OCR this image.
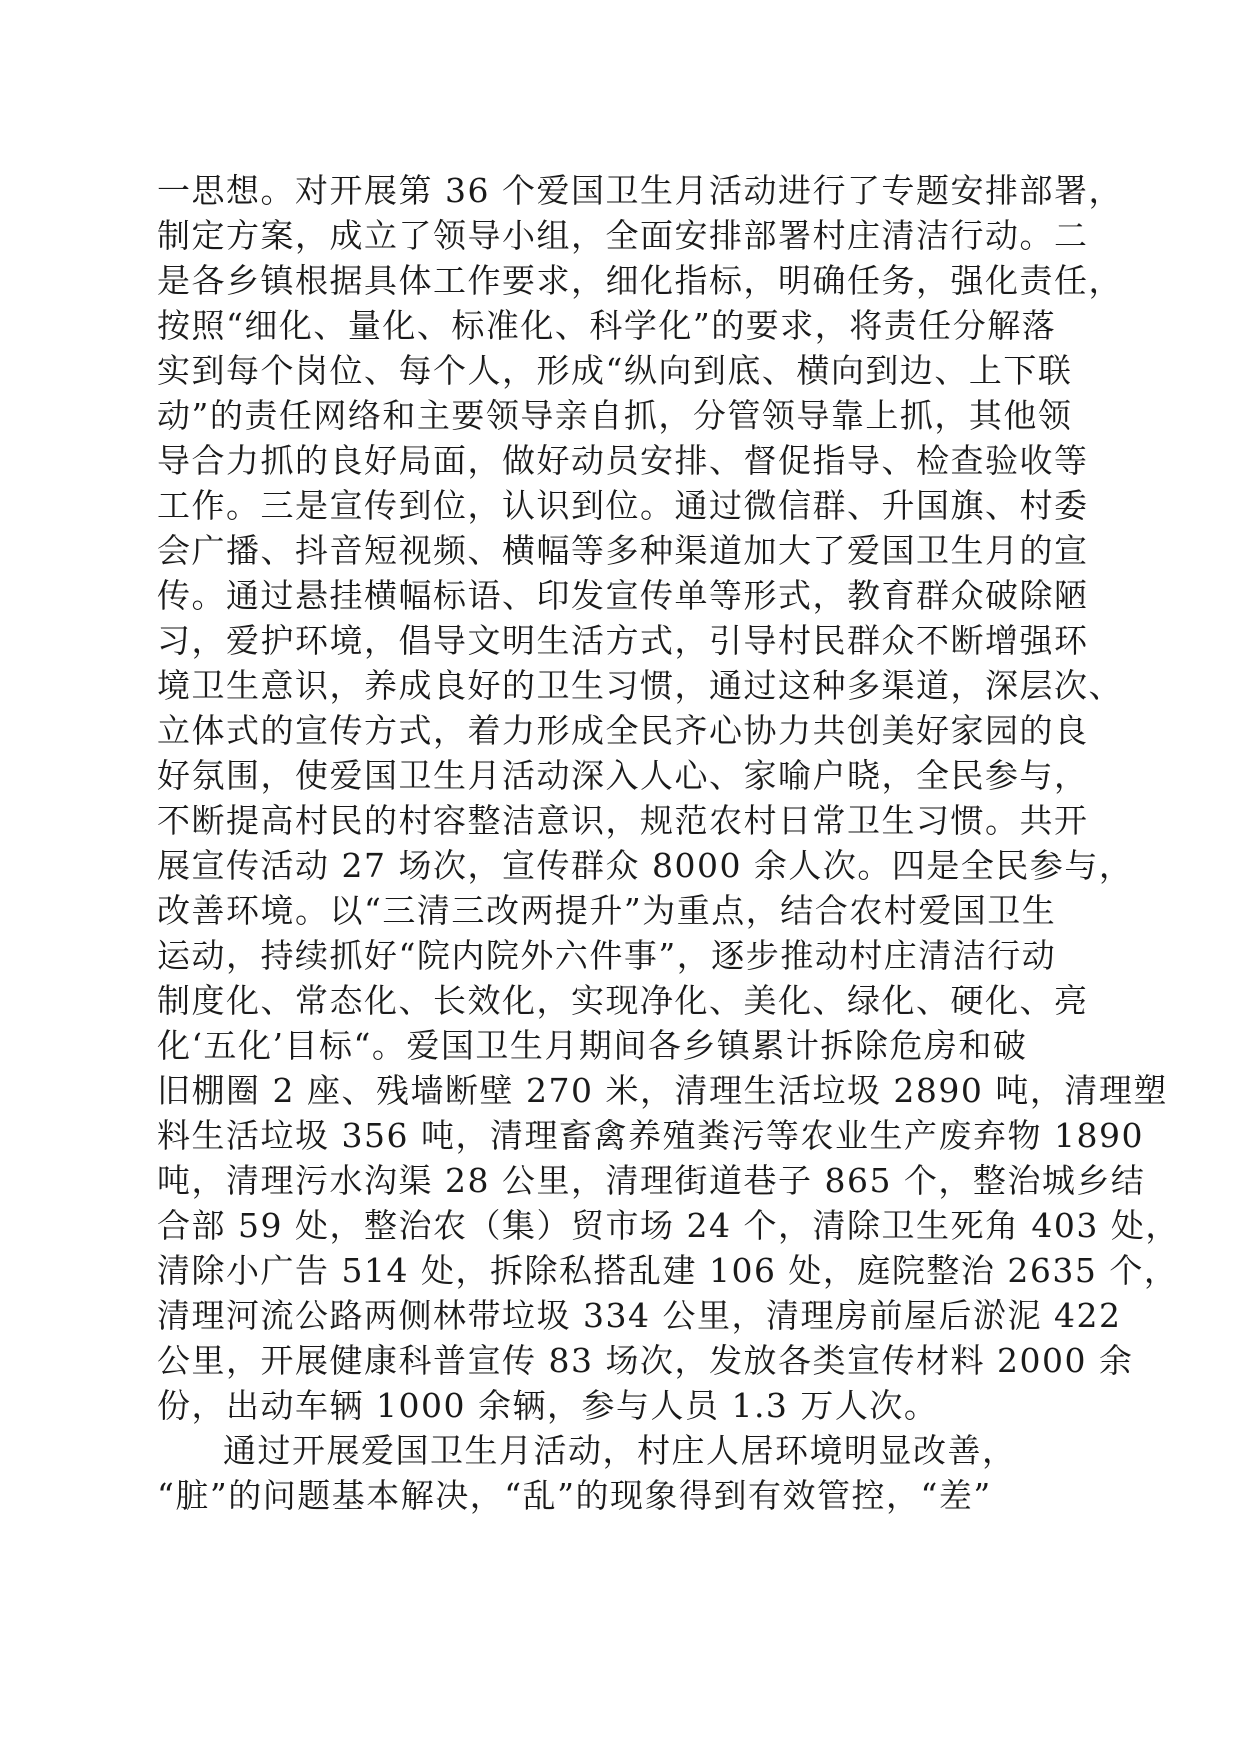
一思想。对开展第 36 个爱国卫生月活动进行了专题安排部署，
制定方案，成立了领导小组，全面安排部署村庄清洁行动。二
是各乡镇根据具体工作要求，细化指标，明确任务，强化责任，
按照“细化、量化、标准化、科学化”的要求，将责任分解落
实到每个岗位、每个人，形成“纵向到底、横向到边、上下联
动”的责任网络和主要领导亲自抓，分管领导靠上抓，其他领
导合力抓的良好局面，做好动员安排、督促指导、检查验收等
工作。三是宣传到位，认识到位。通过微信群、升国旗、村委
会广播、抖音短视频、横幅等多种渠道加大了爱国卫生月的宣
传。通过悬挂横幅标语、印发宣传单等形式，教育群众破除陋
习，爱护环境，倡导文明生活方式，引导村民群众不断增强环
境卫生意识，养成良好的卫生习惯，通过这种多渠道，深层次、
立体式的宣传方式，着力形成全民齐心协力共创美好家园的良
好氛围，使爱国卫生月活动深入人心、家喻户晓，全民参与，
不断提高村民的村容整洁意识，规范农村日常卫生习惯。共开
展宣传活动 27 场次，宣传群众 8000 余人次。四是全民参与，
改善环境。以“三清三改两提升”为重点，结合农村爱国卫生
运动，持续抓好“院内院外六件事”，逐步推动村庄清洁行动
制度化、常态化、长效化，实现净化、美化、绿化、硬化、亮
化‘五化’目标“。爱国卫生月期间各乡镇累计拆除危房和破
旧棚圈 2 座、残墙断壁 270 米，清理生活垃圾 2890 吨，清理塑
料生活垃圾 356 吨，清理畜禽养殖粪污等农业生产废弃物 1890
吨，清理污水沟渠 28 公里，清理街道巷子 865 个，整治城乡结
合部 59 处，整治农（集）贸市场 24 个，清除卫生死角 403 处，
清除小广告 514 处，拆除私搭乱建 106 处，庭院整治 2635 个，
清理河流公路两侧林带垃圾 334 公里，清理房前屋后淤泥 422
公里，开展健康科普宣传 83 场次，发放各类宣传材料 2000 余
份，出动车辆 1000 余辆，参与人员 1.3 万人次。
通过开展爱国卫生月活动，村庄人居环境明显改善，
“脏”的问题基本解决，“乱”的现象得到有效管控，“差”
